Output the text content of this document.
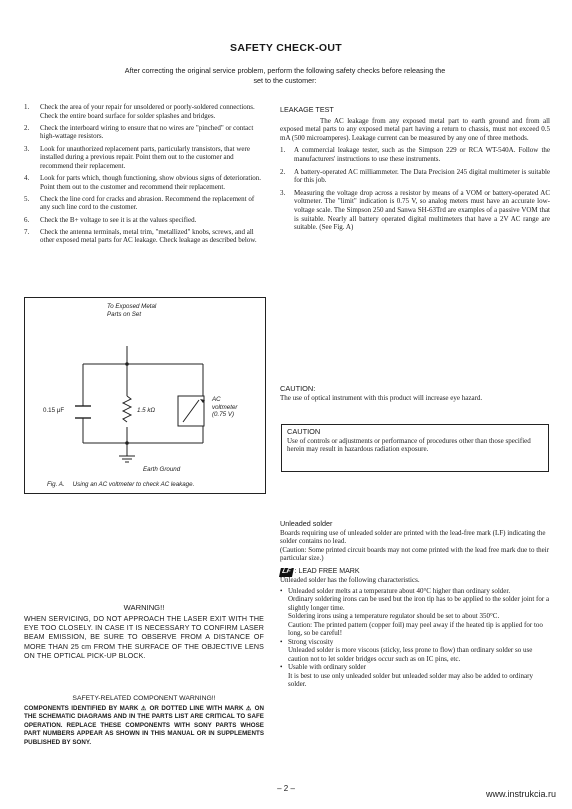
SAFETY CHECK-OUT
After correcting the original service problem, perform the following safety checks before releasing the set to the customer:
1. Check the area of your repair for unsoldered or poorly-soldered connections. Check the entire board surface for solder splashes and bridges.
2. Check the interboard wiring to ensure that no wires are "pinched" or contact high-wattage resistors.
3. Look for unauthorized replacement parts, particularly transistors, that were installed during a previous repair. Point them out to the customer and recommend their replacement.
4. Look for parts which, though functioning, show obvious signs of deterioration. Point them out to the customer and recommend their replacement.
5. Check the line cord for cracks and abrasion. Recommend the replacement of any such line cord to the customer.
6. Check the B+ voltage to see it is at the values specified.
7. Check the antenna terminals, metal trim, "metallized" knobs, screws, and all other exposed metal parts for AC leakage. Check leakage as described below.
LEAKAGE TEST

The AC leakage from any exposed metal part to earth ground and from all exposed metal parts to any exposed metal part having a return to chassis, must not exceed 0.5 mA (500 microamperes). Leakage current can be measured by any one of three methods.

1. A commercial leakage tester, such as the Simpson 229 or RCA WT-540A. Follow the manufacturers' instructions to use these instruments.
2. A battery-operated AC milliammeter. The Data Precision 245 digital multimeter is suitable for this job.
3. Measuring the voltage drop across a resistor by means of a VOM or battery-operated AC voltmeter. The "limit" indication is 0.75 V, so analog meters must have an accurate low-voltage scale. The Simpson 250 and Sanwa SH-63Trd are examples of a passive VOM that is suitable. Nearly all battery operated digital multimeters that have a 2V AC range are suitable. (See Fig. A)
To Exposed Metal
Parts on Set
0.15 μF	1.5 kΩ
AC
voltmeter
(0.75 V)
Earth Ground
Fig. A. Using an AC voltmeter to check AC leakage.
CAUTION:
The use of optical instrument with this product will increase eye hazard.
CAUTION
Use of controls or adjustments or performance of procedures other than those specified herein may result in hazardous radiation exposure.
Unleaded solder

Boards requiring use of unleaded solder are printed with the lead-free mark (LF) indicating the solder contains no lead.

(Caution: Some printed circuit boards may not come printed with the lead free mark due to their particular size.)

LF : LEAD FREE MARK

Unleaded solder has the following characteristics.

• Unleaded solder melts at a temperature about 40°C higher than ordinary solder.
Ordinary soldering irons can be used but the iron tip has to be applied to the solder joint for a slightly longer time.
Soldering irons using a temperature regulator should be set to about 350°C.
Caution: The printed pattern (copper foil) may peel away if the heated tip is applied for too long, so be careful!
• Strong viscosity
Unleaded solder is more viscous (sticky, less prone to flow) than ordinary solder so use caution not to let solder bridges occur such as on IC pins, etc.
• Usable with ordinary solder
It is best to use only unleaded solder but unleaded solder may also be added to ordinary solder.
WARNING!!
WHEN SERVICING, DO NOT APPROACH THE LASER EXIT WITH THE EYE TOO CLOSELY. IN CASE IT IS NECESSARY TO CONFIRM LASER BEAM EMISSION, BE SURE TO OBSERVE FROM A DISTANCE OF MORE THAN 25 cm FROM THE SURFACE OF THE OBJECTIVE LENS ON THE OPTICAL PICK-UP BLOCK.
SAFETY-RELATED COMPONENT WARNING!!
COMPONENTS IDENTIFIED BY MARK ⚠ OR DOTTED LINE WITH MARK ⚠ ON THE SCHEMATIC DIAGRAMS AND IN THE PARTS LIST ARE CRITICAL TO SAFE OPERATION. REPLACE THESE COMPONENTS WITH SONY PARTS WHOSE PART NUMBERS APPEAR AS SHOWN IN THIS MANUAL OR IN SUPPLEMENTS PUBLISHED BY SONY.
– 2 –
www.instrukcia.ru
